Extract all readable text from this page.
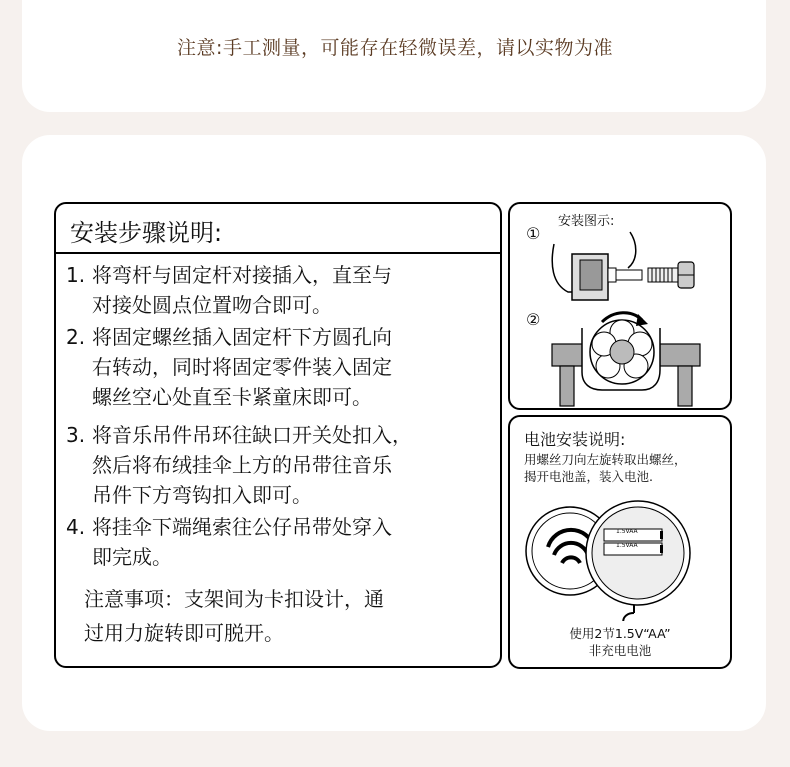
注意:手工测量，可能存在轻微误差，请以实物为准
安装步骤说明:
1. 将弯杆与固定杆对接插入，直至与
对接处圆点位置吻合即可。
2. 将固定螺丝插入固定杆下方圆孔向
右转动，同时将固定零件装入固定
螺丝空心处直至卡紧童床即可。
3. 将音乐吊件吊环往缺口开关处扣入，
然后将布绒挂伞上方的吊带往音乐
吊件下方弯钩扣入即可。
4. 将挂伞下端绳索往公仔吊带处穿入
即完成。
注意事项：支架间为卡扣设计，通
过用力旋转即可脱开。
安装图示:
①
②
电池安装说明:
用螺丝刀向左旋转取出螺丝，
揭开电池盖，装入电池.
1.5VAA
1.5VAA
使用2节1.5V“AA”
非充电电池
